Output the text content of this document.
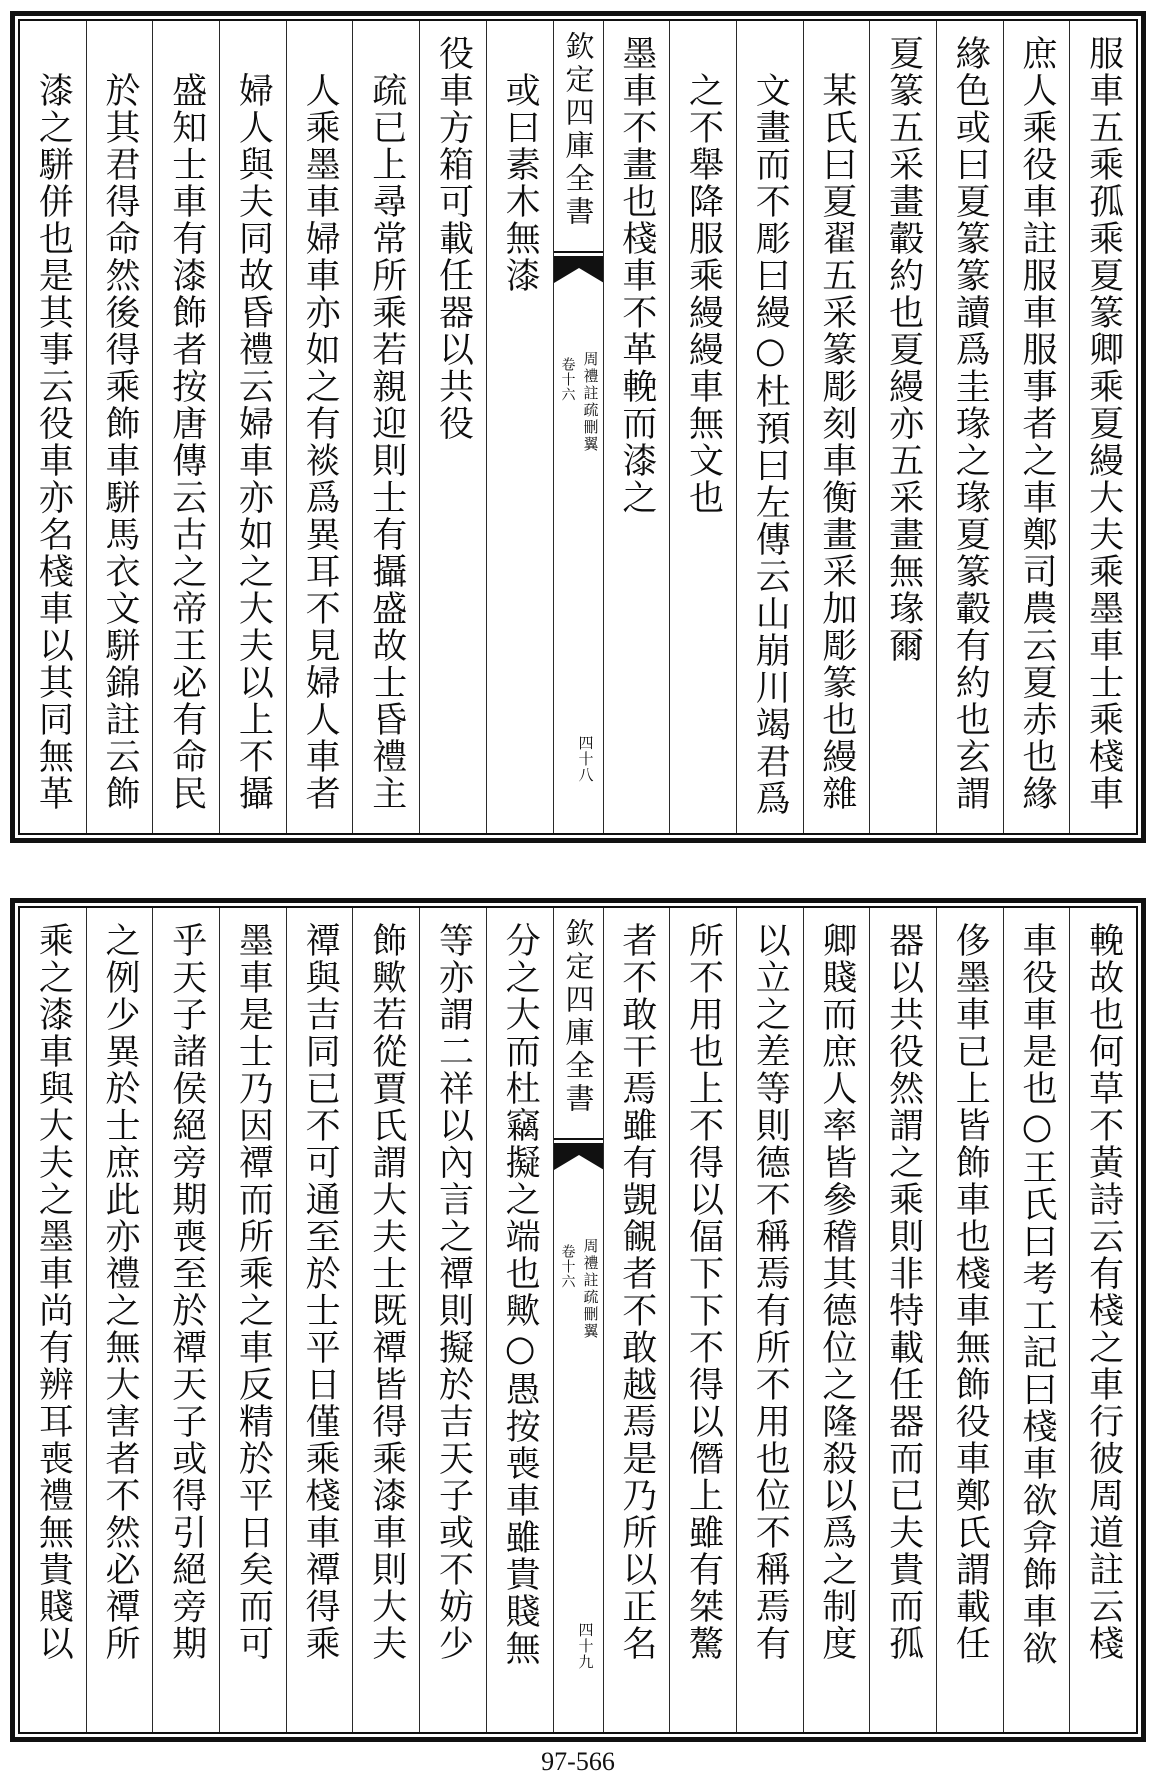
服車五乘孤乘夏篆卿乘夏縵大夫乘墨車士乘棧車
庶人乘役車註服車服事者之車鄭司農云夏赤也緣
緣色或曰夏篆篆讀爲圭瑑之瑑夏篆轂有約也玄謂
夏篆五采畫轂約也夏縵亦五采畫無瑑爾
某氏曰夏翟五采篆彫刻車衡畫采加彫篆也縵雜
文畫而不彫曰縵○杜預曰左傳云山崩川竭君爲
之不舉降服乘縵縵車無文也
墨車不畫也棧車不革輓而漆之
欽定四庫全書
周禮註疏刪翼
卷十六
四十八
或曰素木無漆
役車方箱可載任器以共役
疏已上尋常所乘若親迎則士有攝盛故士昏禮主
人乘墨車婦車亦如之有裧爲異耳不見婦人車者
婦人與夫同故昏禮云婦車亦如之大夫以上不攝
盛知士車有漆飾者按唐傳云古之帝王必有命民
於其君得命然後得乘飾車駢馬衣文駢錦註云飾
漆之駢併也是其事云役車亦名棧車以其同無革
輓故也何草不黃詩云有棧之車行彼周道註云棧
車役車是也○王氏曰考工記曰棧車欲弇飾車欲
侈墨車已上皆飾車也棧車無飾役車鄭氏謂載任
器以共役然謂之乘則非特載任器而已夫貴而孤
卿賤而庶人率皆參稽其德位之隆殺以爲之制度
以立之差等則德不稱焉有所不用也位不稱焉有
所不用也上不得以偪下下不得以僭上雖有桀驁
者不敢干焉雖有覬覦者不敢越焉是乃所以正名
欽定四庫全書
周禮註疏刪翼
卷十六
四十九
分之大而杜竊擬之端也歟○愚按喪車雖貴賤無
等亦謂二祥以內言之禫則擬於吉天子或不妨少
飾歟若從賈氏謂大夫士既禫皆得乘漆車則大夫
禫與吉同已不可通至於士平日僅乘棧車禫得乘
墨車是士乃因禫而所乘之車反精於平日矣而可
乎天子諸侯絕旁期喪至於禫天子或得引絕旁期
之例少異於士庶此亦禮之無大害者不然必禫所
乘之漆車與大夫之墨車尚有辨耳喪禮無貴賤以
97-566
